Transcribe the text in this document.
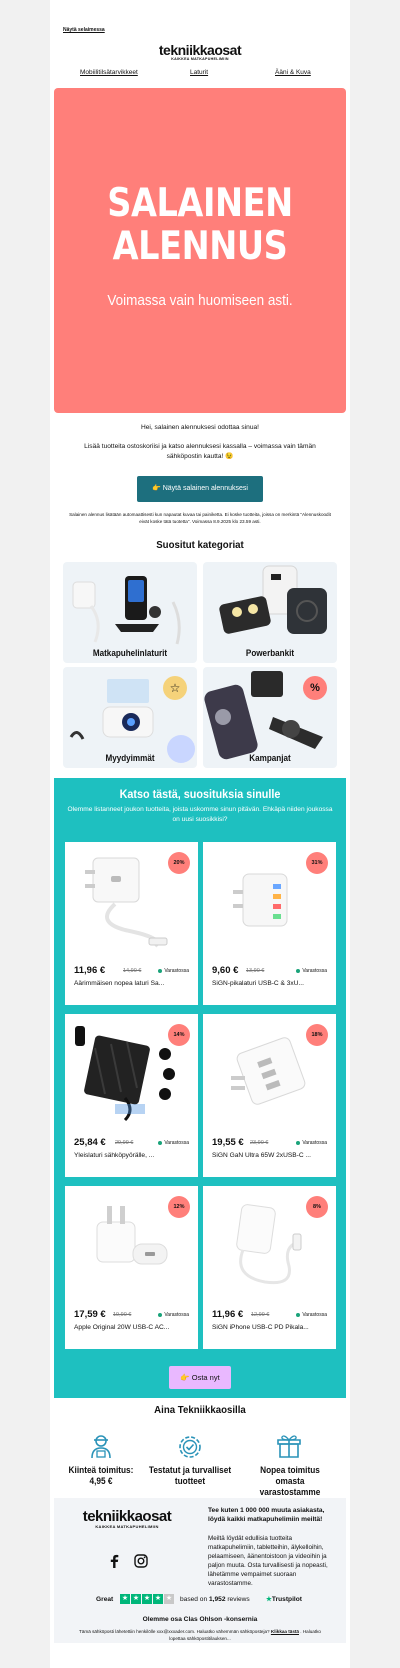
Näytä selaimessa
tekniikkaosat
KAIKKEA MATKAPUHELIMIIN
Mobiilitilsätarvikkeet	Laturit	Ääni & Kuva
SALAINEN
ALENNUS
Voimassa vain huomiseen asti.
Hei, salainen alennuksesi odottaa sinua!
Lisää tuotteita ostoskoriisi ja katso alennuksesi kassalla – voimassa vain tämän sähköpostin kautta! 😉
👉 Näytä salainen alennuksesi
Salainen alennus lisätään automaattisesti kun napautat kuvaa tai painiketta. Ei koske tuotteita, joissa on merkintä "Alennuskoodit eivät koske tätä tuotetta". Voimassa 8.9.2025 klo 23.59 asti.
Suositut kategoriat
Matkapuhelinlaturit	Powerbankit
☆
Myydyimmät
%
Kampanjat
Katso tästä, suosituksia sinulle
Olemme listanneet joukon tuotteita, joista uskomme sinun pitävän. Ehkäpä niiden joukossa on uusi suosikkisi?
20%
11,96 €	14,90 €	Varastossa
Äärimmäisen nopea laturi Sa...
31%
9,60 € 13,90 €	Varastossa
SiGN-pikalaturi USB-C & 3xU...
14%
25,84 € 29,99 €	Varastossa
Yleislaturi sähköpyörälle, ...
18%
19,55 € 23,90 €	Varastossa
SiGN GaN Ultra 65W 2xUSB-C ...
12%
17,59 € 19,90 €	Varastossa
Apple Original 20W USB-C AC...
8%
11,96 € 12,99 €	Varastossa
SiGN iPhone USB-C PD Pikala...
👉 Osta nyt
Aina Tekniikkaosilla
Kiinteä toimitus: 4,95 €
Testatut ja turvalliset tuotteet
Nopea toimitus omasta varastostamme
tekniikkaosat
KAIKKEA MATKAPUHELIMIIN
Tee kuten 1 000 000 muuta asiakasta, löydä kaikki matkapuhelimiin meiltä!
Meiltä löydät edullisia tuotteita matkapuhelimiin, tabletteihin, älykelloihin, pelaamiseen, äänentoistoon ja videoihin ja paljon muuta. Osta turvallisesti ja nopeasti, lähetämme vempaimet suoraan varastostamme.
Great ★ ★ ★ ★ ★ based on 1,952 reviews ★Trustpilot
Olemme osa Clas Ohlson -konsernia
Tämä sähköposti lähetettiin henkilölle xxx@xxxader.com. Haluatko vähemmän sähköposteja? Klikkaa tästä . Haluatko lopettaa sähköpostitilauksen...
